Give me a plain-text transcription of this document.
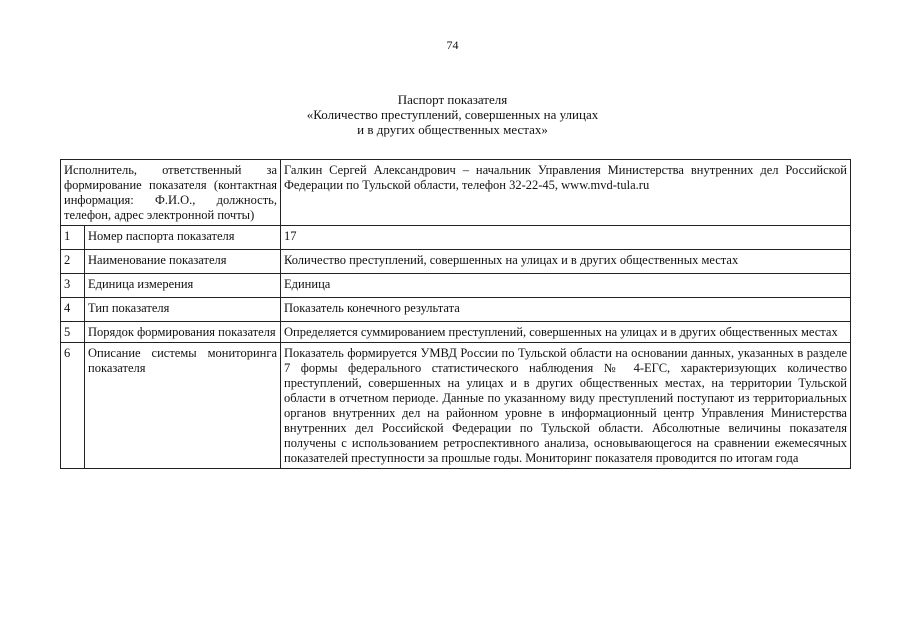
74
Паспорт показателя
«Количество преступлений, совершенных на улицах
и в других общественных местах»
Исполнитель, ответственный за формирование показателя (контактная информация: Ф.И.О., должность, телефон, адрес электронной почты)		Галкин Сергей Александрович – начальник Управления Министерства внутренних дел Российской Федерации по Тульской области, телефон 32-22-45, www.mvd-tula.ru
1	Номер паспорта показателя	17
2	Наименование показателя	Количество преступлений, совершенных на улицах и в других общественных местах
3	Единица измерения	Единица
4	Тип показателя	Показатель конечного результата
5	Порядок формирования показателя	Определяется суммированием преступлений, совершенных на улицах и в других общественных местах
6	Описание системы мониторинга показателя	Показатель формируется УМВД России по Тульской области на основании данных, указанных в разделе 7 формы федерального статистического наблюдения № 4-ЕГС, характеризующих количество преступлений, совершенных на улицах и в других общественных местах, на территории Тульской области в отчетном периоде. Данные по указанному виду преступлений поступают из территориальных органов внутренних дел на районном уровне в информационный центр Управления Министерства внутренних дел Российской Федерации по Тульской области. Абсолютные величины показателя получены с использованием ретроспективного анализа, основывающегося на сравнении ежемесячных показателей преступности за прошлые годы. Мониторинг показателя проводится по итогам года
